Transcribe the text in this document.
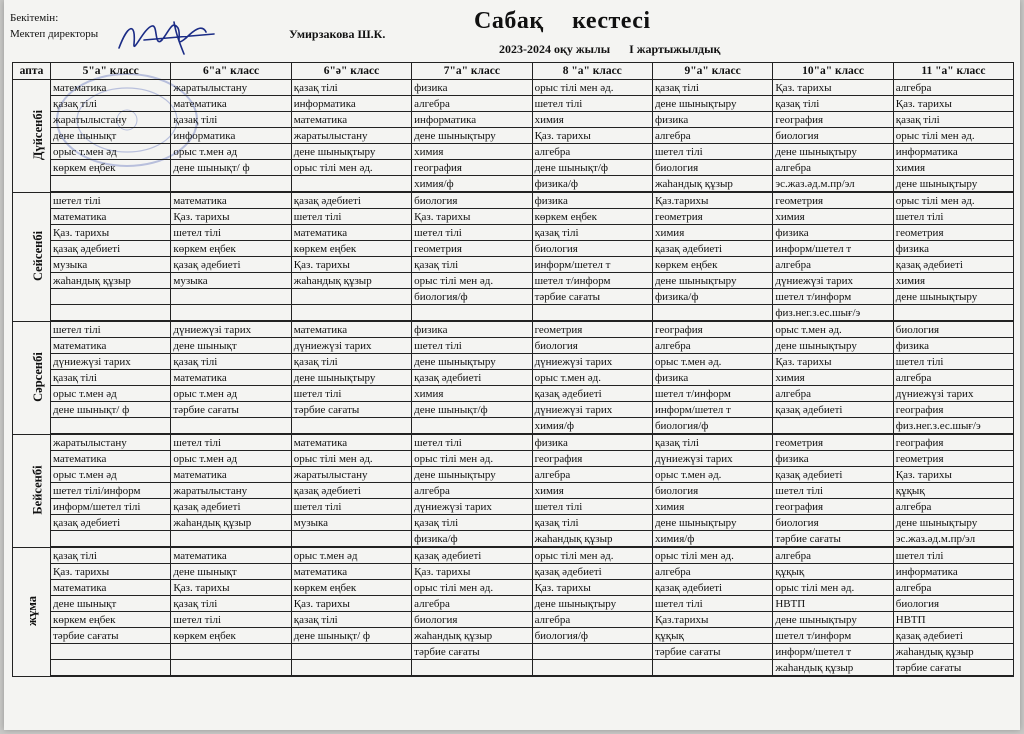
Бекітемін:
Мектеп директоры	Умирзакова Ш.К.	Сабақ кестесі
2023-2024 оқу жылы І жартыжылдық
апта	5"а" класс	6"а" класс	6"ә" класс	7"а" класс	8 "а" класс	9"а" класс	10"а" класс	11 "а" класс
Дүйсенбі	математика	жаратылыстану	қазақ тілі	физика	орыс тілі мен əд.	қазақ тілі	Қаз. тарихы	алгебра
	қазақ тілі	математика	информатика	алгебра	шетел тілі	дене шынықтыру	қазақ тілі	Қаз. тарихы
	жаратылыстану	қазақ тілі	математика	информатика	химия	физика	география	қазақ тілі
	дене шынықт	информатика	жаратылыстану	дене шынықтыру	Қаз. тарихы	алгебра	биология	орыс тілі мен əд.
	орыс т.мен əд	орыс т.мен əд	дене шынықтыру	химия	алгебра	шетел тілі	дене шынықтыру	информатика
	көркем еңбек	дене шынықт/ ф	орыс тілі мен əд.	география	дене шынықт/ф	биология	алгебра	химия
				химия/ф	физика/ф	жаһандық құзыр	эс.жаз.əд.м.пр/эл	дене шынықтыру
Сейсенбі	шетел тілі	математика	қазақ əдебиеті	биология	физика	Қаз.тарихы	геометрия	орыс тілі мен əд.
	математика	Қаз. тарихы	шетел тілі	Қаз. тарихы	көркем еңбек	геометрия	химия	шетел тілі
	Қаз. тарихы	шетел тілі	математика	шетел тілі	қазақ тілі	химия	физика	геометрия
	қазақ əдебиеті	көркем еңбек	көркем еңбек	геометрия	биология	қазақ əдебиеті	информ/шетел т	физика
	музыка	қазақ əдебиеті	Қаз. тарихы	қазақ тілі	информ/шетел т	көркем еңбек	алгебра	қазақ əдебиеті
	жаһандық құзыр	музыка	жаһандық құзыр	орыс тілі мен əд.	шетел т/информ	дене шынықтыру	дүниежүзі тарих	химия
				биология/ф	тəрбие сағаты	физика/ф	шетел т/информ	дене шынықтыру
							физ.нег.з.ес.шығ/э	
Сəрсенбі	шетел тілі	дүниежүзі тарих	математика	физика	геометрия	география	орыс т.мен əд.	биология
	математика	дене шынықт	дүниежүзі тарих	шетел тілі	биология	алгебра	дене шынықтыру	физика
	дүниежүзі тарих	қазақ тілі	қазақ тілі	дене шынықтыру	дүниежүзі тарих	орыс т.мен əд.	Қаз. тарихы	шетел тілі
	қазақ тілі	математика	дене шынықтыру	қазақ əдебиеті	орыс т.мен əд.	физика	химия	алгебра
	орыс т.мен əд	орыс т.мен əд	шетел тілі	химия	қазақ əдебиеті	шетел т/информ	алгебра	дүниежүзі тарих
	дене шынықт/ ф	тəрбие сағаты	тəрбие сағаты	дене шынықт/ф	дүниежүзі тарих	информ/шетел т	қазақ əдебиеті	география
					химия/ф	биология/ф		физ.нег.з.ес.шығ/э
Бейсенбі	жаратылыстану	шетел тілі	математика	шетел тілі	физика	қазақ тілі	геометрия	география
	математика	орыс т.мен əд	орыс тілі мен əд.	орыс тілі мен əд.	география	дүниежүзі тарих	физика	геометрия
	орыс т.мен əд	математика	жаратылыстану	дене шынықтыру	алгебра	орыс т.мен əд.	қазақ əдебиеті	Қаз. тарихы
	шетел тілі/информ	жаратылыстану	қазақ əдебиеті	алгебра	химия	биология	шетел тілі	құқық
	информ/шетел тілі	қазақ əдебиеті	шетел тілі	дүниежүзі тарих	шетел тілі	химия	география	алгебра
	қазақ əдебиеті	жаһандық құзыр	музыка	қазақ тілі	қазақ тілі	дене шынықтыру	биология	дене шынықтыру
				физика/ф	жаһандық құзыр	химия/ф	тəрбие сағаты	эс.жаз.əд.м.пр/эл
жұма	қазақ тілі	математика	орыс т.мен əд	қазақ əдебиеті	орыс тілі мен əд.	орыс тілі мен əд.	алгебра	шетел тілі
	Қаз. тарихы	дене шынықт	математика	Қаз. тарихы	қазақ əдебиеті	алгебра	құқық	информатика
	математика	Қаз. тарихы	көркем еңбек	орыс тілі мен əд.	Қаз. тарихы	қазақ əдебиеті	орыс тілі мен əд.	алгебра
	дене шынықт	қазақ тілі	Қаз. тарихы	алгебра	дене шынықтыру	шетел тілі	НВТП	биология
	көркем еңбек	шетел тілі	қазақ тілі	биология	алгебра	Қаз.тарихы	дене шынықтыру	НВТП
	тəрбие сағаты	көркем еңбек	дене шынықт/ ф	жаһандық құзыр	биология/ф	құқық	шетел т/информ	қазақ əдебиеті
				тəрбие сағаты		тəрбие сағаты	информ/шетел т	жаһандық құзыр
							жаһандық құзыр	тəрбие сағаты
